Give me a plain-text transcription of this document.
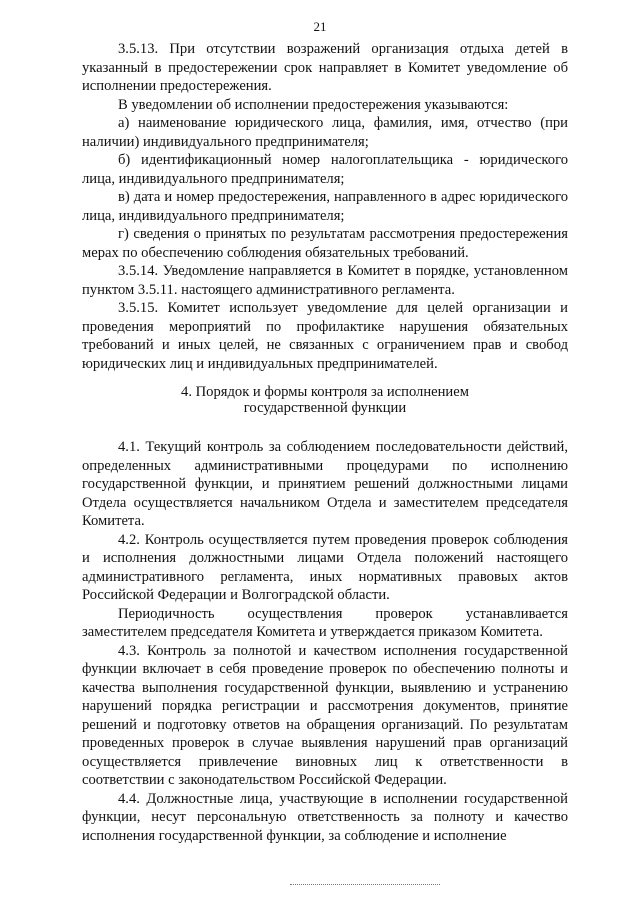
21

3.5.13. При отсутствии возражений организация отдыха детей в указанный в предостережении срок направляет в Комитет уведомление об исполнении предостережения.

В уведомлении об исполнении предостережения указываются:

а) наименование юридического лица, фамилия, имя, отчество (при наличии) индивидуального предпринимателя;

б) идентификационный номер налогоплательщика - юридического лица, индивидуального предпринимателя;

в) дата и номер предостережения, направленного в адрес юридического лица, индивидуального предпринимателя;

г) сведения о принятых по результатам рассмотрения предостережения мерах по обеспечению соблюдения обязательных требований.

3.5.14. Уведомление направляется в Комитет в порядке, установленном пунктом 3.5.11. настоящего административного регламента.

3.5.15. Комитет использует уведомление для целей организации и проведения мероприятий по профилактике нарушения обязательных требований и иных целей, не связанных с ограничением прав и свобод юридических лиц и индивидуальных предпринимателей.

4. Порядок и формы контроля за исполнением
государственной функции

4.1. Текущий контроль за соблюдением последовательности действий, определенных административными процедурами по исполнению государственной функции, и принятием решений должностными лицами Отдела осуществляется начальником Отдела и заместителем председателя Комитета.

4.2. Контроль осуществляется путем проведения проверок соблюдения и исполнения должностными лицами Отдела положений настоящего административного регламента, иных нормативных правовых актов Российской Федерации и Волгоградской области.

Периодичность осуществления проверок устанавливается заместителем председателя Комитета и утверждается приказом Комитета.

4.3. Контроль за полнотой и качеством исполнения государственной функции включает в себя проведение проверок по обеспечению полноты и качества выполнения государственной функции, выявлению и устранению нарушений порядка регистрации и рассмотрения документов, принятие решений и подготовку ответов на обращения организаций. По результатам проведенных проверок в случае выявления нарушений прав организаций осуществляется привлечение виновных лиц к ответственности в соответствии с законодательством Российской Федерации.

4.4. Должностные лица, участвующие в исполнении государственной функции, несут персональную ответственность за полноту и качество исполнения государственной функции, за соблюдение и исполнение
